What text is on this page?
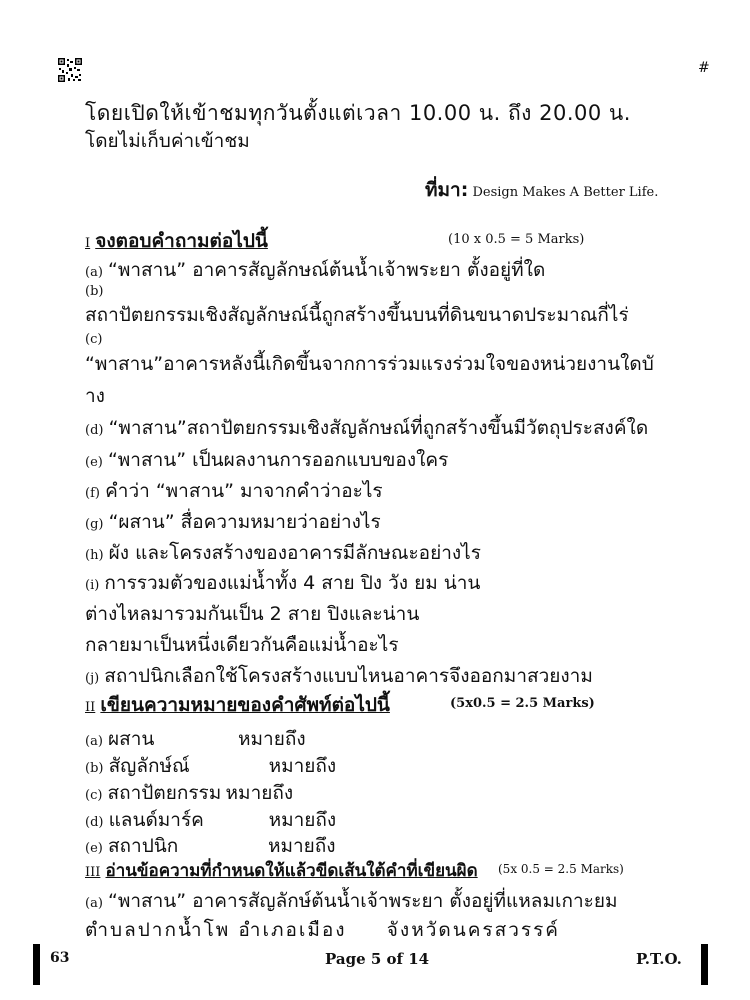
#
โดยเปิดให้เข้าชมทุกวันตั้งแต่เวลา 10.00 น. ถึง 20.00 น.
โดยไม่เก็บค่าเข้าชม
ที่มา: Design Makes A Better Life.
I จงตอบคำถามต่อไปนี้	(10 x 0.5 = 5 Marks)
(a) “พาสาน” อาคารสัญลักษณ์ต้นน้ำเจ้าพระยา ตั้งอยู่ที่ใด
(b)
สถาปัตยกรรมเชิงสัญลักษณ์นี้ถูกสร้างขึ้นบนที่ดินขนาดประมาณกี่ไร่
(c)
“พาสาน”อาคารหลังนี้เกิดขึ้นจากการร่วมแรงร่วมใจของหน่วยงานใดบั
าง
(d) “พาสาน”สถาปัตยกรรมเชิงสัญลักษณ์ที่ถูกสร้างขึ้นมีวัตถุประสงค์ใด
(e) “พาสาน” เป็นผลงานการออกแบบของใคร
(f) คำว่า “พาสาน” มาจากคำว่าอะไร
(g) “ผสาน” สื่อความหมายว่าอย่างไร
(h) ผัง และโครงสร้างของอาคารมีลักษณะอย่างไร
(i) การรวมตัวของแม่น้ำทั้ง 4 สาย ปิง วัง ยม น่าน
ต่างไหลมารวมกันเป็น 2 สาย ปิงและน่าน
กลายมาเป็นหนึ่งเดียวกันคือแม่น้ำอะไร
(j) สถาปนิกเลือกใช้โครงสร้างแบบไหนอาคารจึงออกมาสวยงาม
II เขียนความหมายของคำศัพท์ต่อไปนี้	(5x0.5 = 2.5 Marks)
(a) ผสาน	หมายถึง
(b) สัญลักษ์ณ์	หมายถึง
(c) สถาปัตยกรรม หมายถึง
(d) แลนด์มาร์ค	หมายถึง
(e) สถาปนิก	หมายถึง
III อ่านข้อความที่กำหนดให้แล้วขีดเส้นใต้คำที่เขียนผิด (5x 0.5 = 2.5 Marks)
(a) “พาสาน” อาคารสัญลักษ์ต้นน้ำเจ้าพระยา ตั้งอยู่ที่แหลมเกาะยม
ตำบลปากน้ำโพ อำเภอเมือง     จังหวัดนครสวรรค์
63	Page 5 of 14	P.T.O.
